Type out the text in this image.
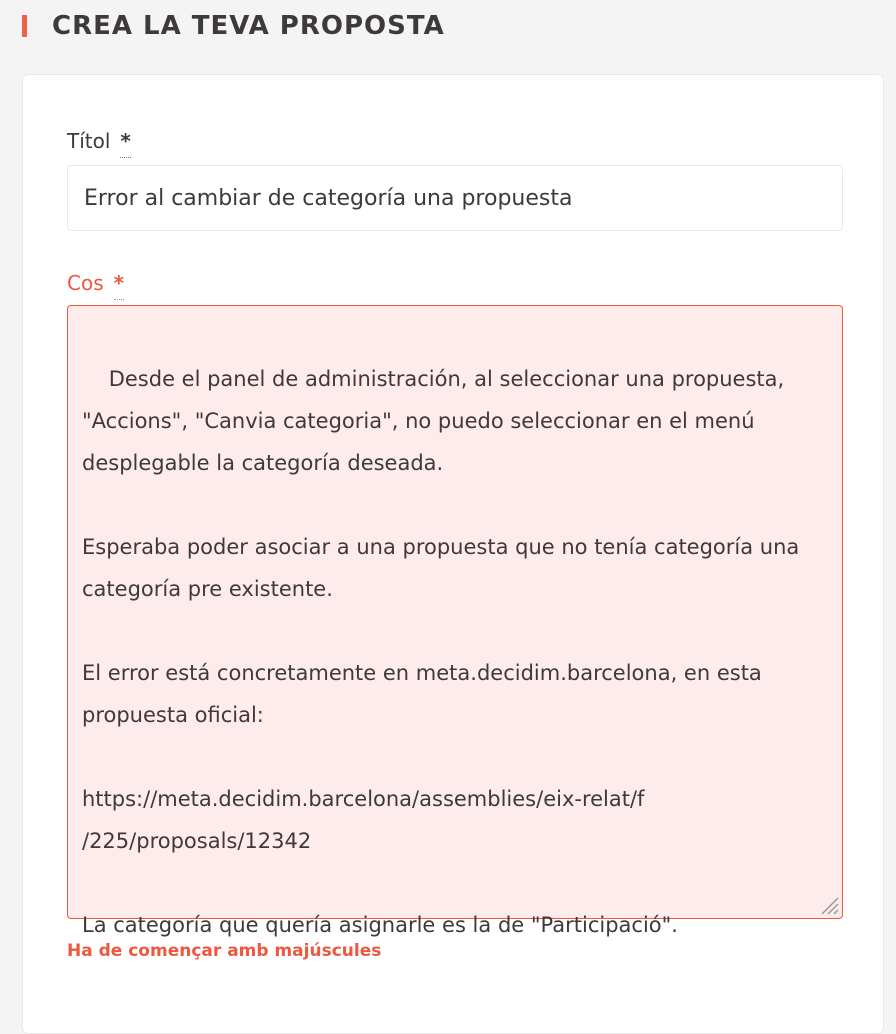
CREA LA TEVA PROPOSTA
Títol *
Error al cambiar de categoría una propuesta
Cos *

Desde el panel de administración, al seleccionar una propuesta, "Accions", "Canvia categoria", no puedo seleccionar en el menú desplegable la categoría deseada.

Esperaba poder asociar a una propuesta que no tenía categoría una categoría pre existente.

El error está concretamente en meta.decidim.barcelona, en esta propuesta oficial:

https://meta.decidim.barcelona/assemblies/eix-relat/f
/225/proposals/12342

La categoría que quería asignarle es la de "Participació".

Ha de començar amb majúscules
